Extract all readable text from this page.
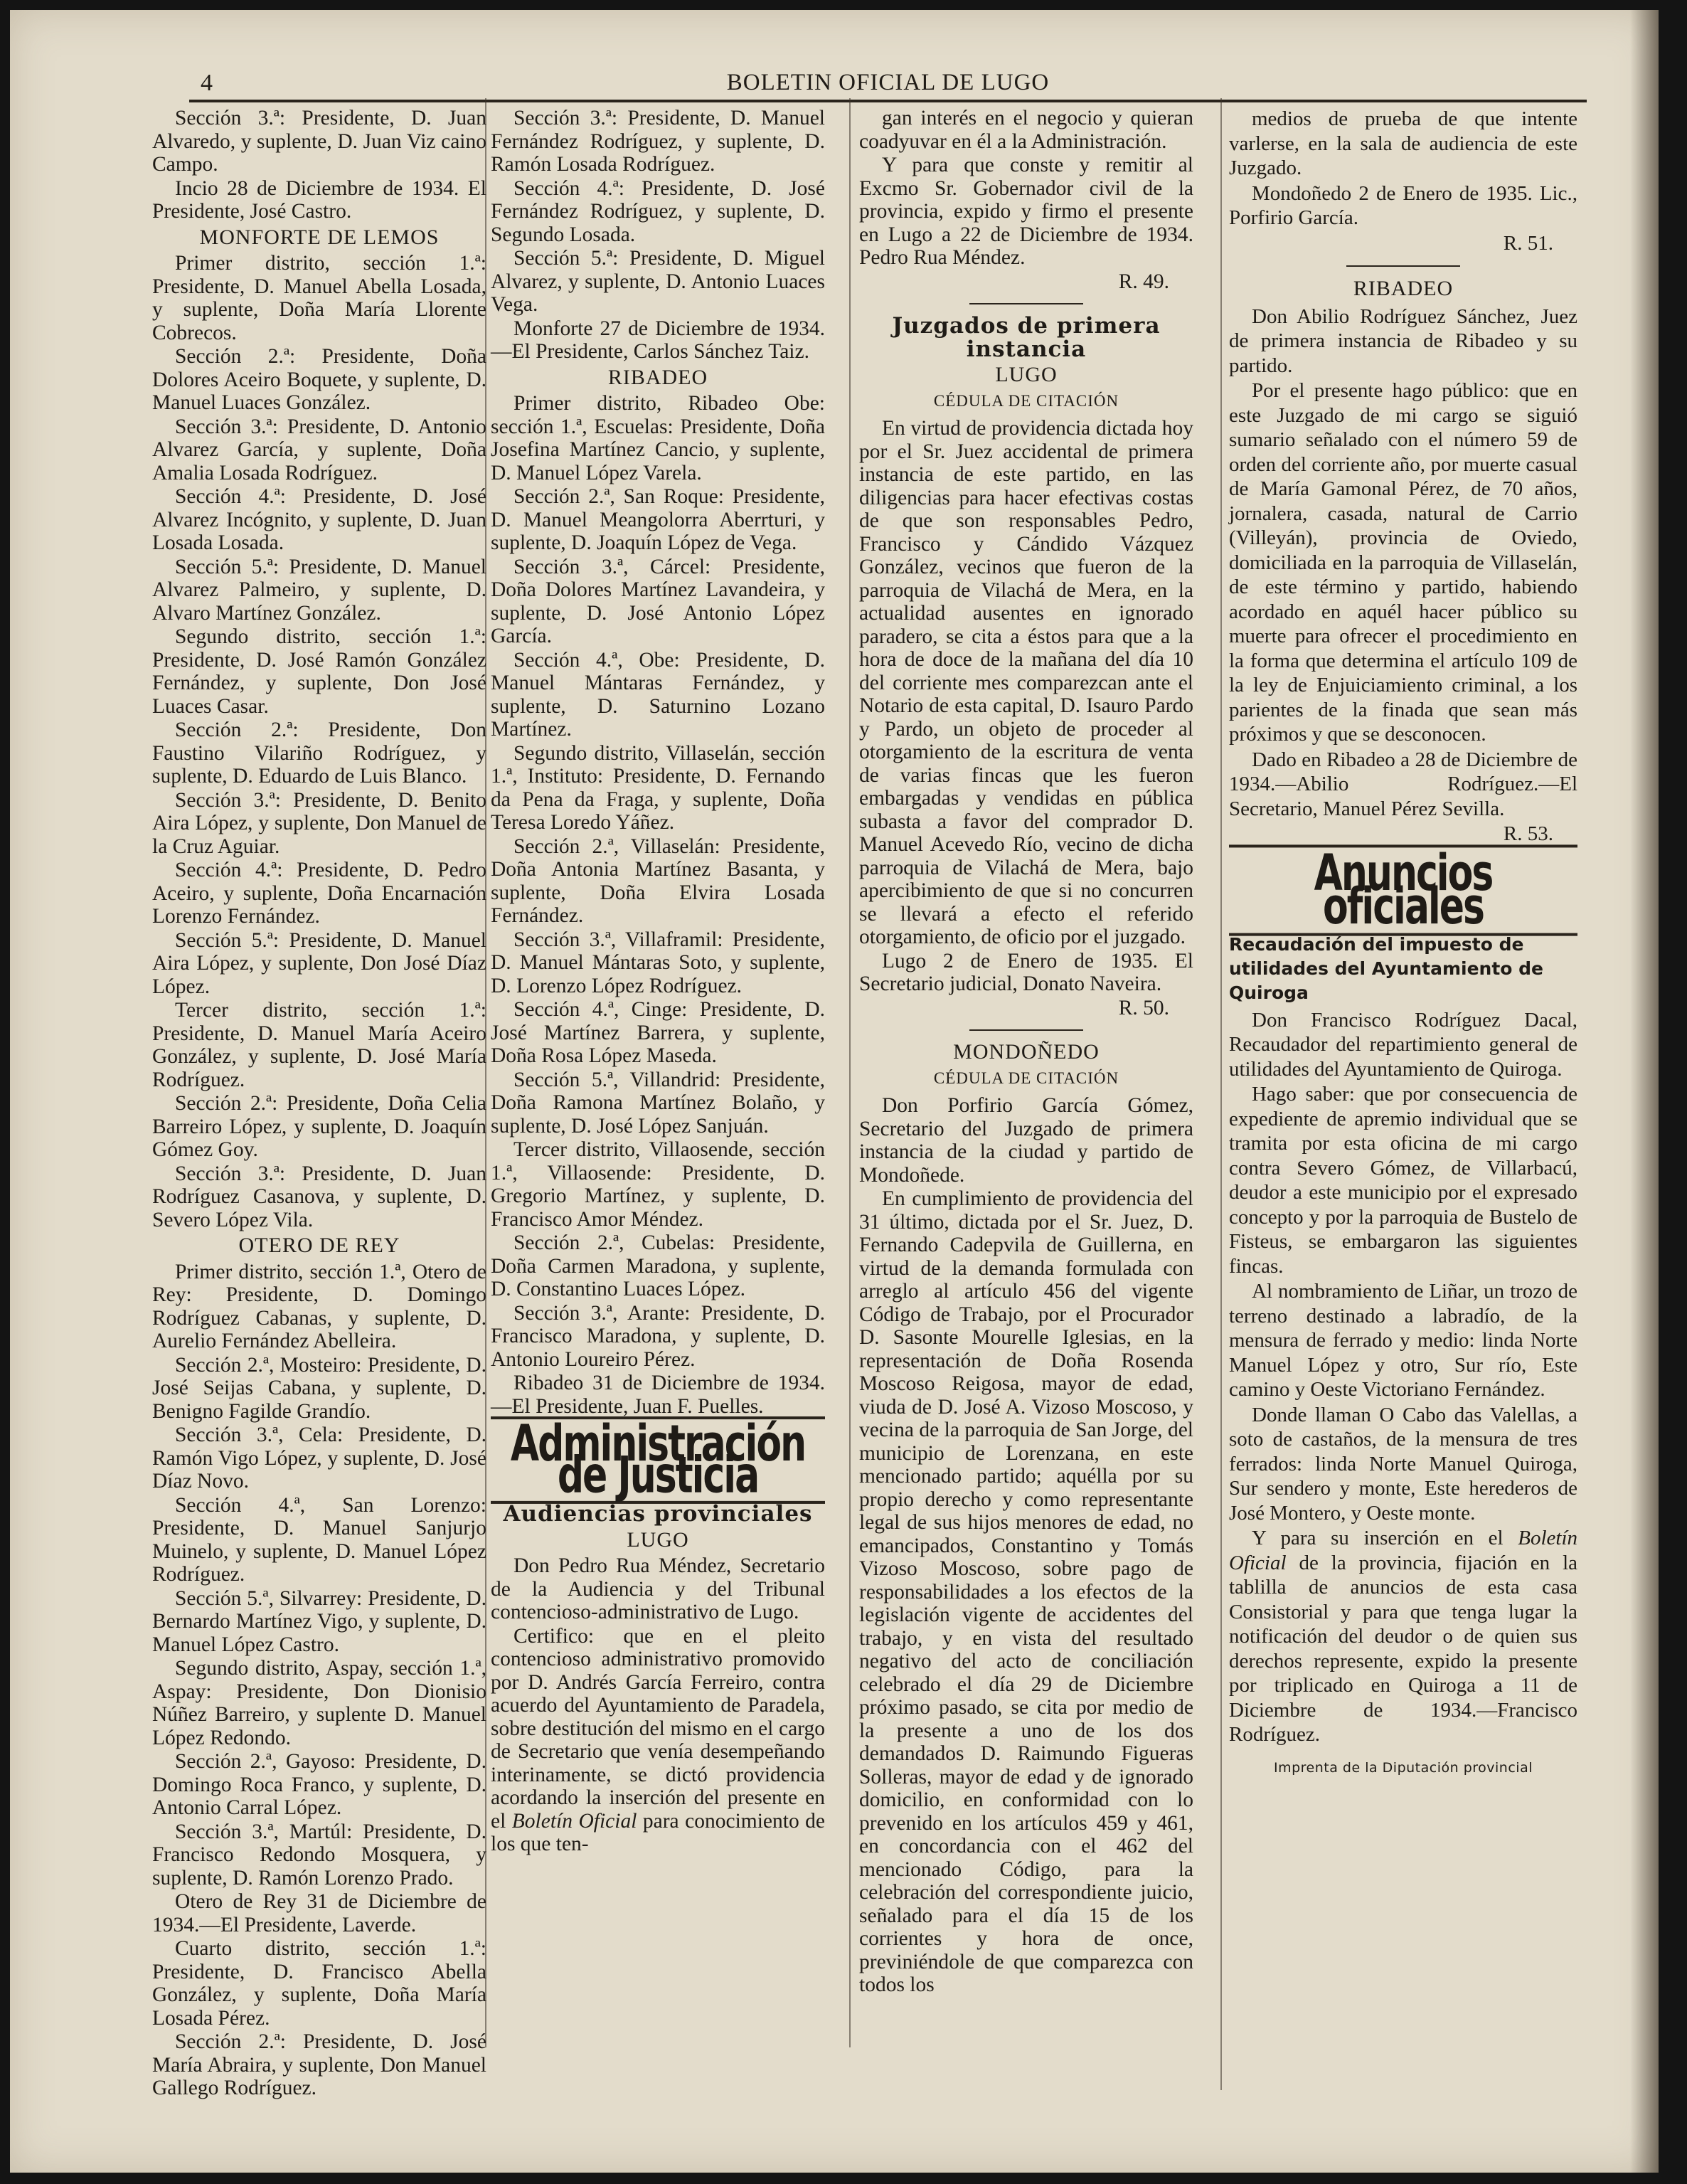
4	BOLETIN OFICIAL DE LUGO

Sección 3.ª: Presidente, D. Juan Alvaredo, y suplente, D. Juan Viz caino Campo.

Incio 28 de Diciembre de 1934. El Presidente, José Castro.

MONFORTE DE LEMOS

Primer distrito, sección 1.ª: Presidente, D. Manuel Abella Losada, y suplente, Doña María Llorente Cobrecos.

Sección 2.ª: Presidente, Doña Dolores Aceiro Boquete, y suplente, D. Manuel Luaces González.

Sección 3.ª: Presidente, D. Antonio Alvarez García, y suplente, Doña Amalia Losada Rodríguez.

Sección 4.ª: Presidente, D. José Alvarez Incógnito, y suplente, D. Juan Losada Losada.

Sección 5.ª: Presidente, D. Manuel Alvarez Palmeiro, y suplente, D. Alvaro Martínez González.

Segundo distrito, sección 1.ª: Presidente, D. José Ramón González Fernández, y suplente, Don José Luaces Casar.

Sección 2.ª: Presidente, Don Faustino Vilariño Rodríguez, y suplente, D. Eduardo de Luis Blanco.

Sección 3.ª: Presidente, D. Benito Aira López, y suplente, Don Manuel de la Cruz Aguiar.

Sección 4.ª: Presidente, D. Pedro Aceiro, y suplente, Doña Encarnación Lorenzo Fernández.

Sección 5.ª: Presidente, D. Manuel Aira López, y suplente, Don José Díaz López.

Tercer distrito, sección 1.ª: Presidente, D. Manuel María Aceiro González, y suplente, D. José María Rodríguez.

Sección 2.ª: Presidente, Doña Celia Barreiro López, y suplente, D. Joaquín Gómez Goy.

Sección 3.ª: Presidente, D. Juan Rodríguez Casanova, y suplente, D. Severo López Vila.

OTERO DE REY

Primer distrito, sección 1.ª, Otero de Rey: Presidente, D. Domingo Rodríguez Cabanas, y suplente, D. Aurelio Fernández Abelleira.

Sección 2.ª, Mosteiro: Presidente, D. José Seijas Cabana, y suplente, D. Benigno Fagilde Grandío.

Sección 3.ª, Cela: Presidente, D. Ramón Vigo López, y suplente, D. José Díaz Novo.

Sección 4.ª, San Lorenzo: Presidente, D. Manuel Sanjurjo Muinelo, y suplente, D. Manuel López Rodríguez.

Sección 5.ª, Silvarrey: Presidente, D. Bernardo Martínez Vigo, y suplente, D. Manuel López Castro.

Segundo distrito, Aspay, sección 1.ª, Aspay: Presidente, Don Dionisio Núñez Barreiro, y suplente D. Manuel López Redondo.

Sección 2.ª, Gayoso: Presidente, D. Domingo Roca Franco, y suplente, D. Antonio Carral López.

Sección 3.ª, Martúl: Presidente, D. Francisco Redondo Mosquera, y suplente, D. Ramón Lorenzo Prado.

Otero de Rey 31 de Diciembre de 1934.—El Presidente, Laverde.

Cuarto distrito, sección 1.ª: Presidente, D. Francisco Abella González, y suplente, Doña María Losada Pérez.

Sección 2.ª: Presidente, D. José María Abraira, y suplente, Don Manuel Gallego Rodríguez.

Sección 3.ª: Presidente, D. Manuel Fernández Rodríguez, y suplente, D. Ramón Losada Rodríguez.

Sección 4.ª: Presidente, D. José Fernández Rodríguez, y suplente, D. Segundo Losada.

Sección 5.ª: Presidente, D. Miguel Alvarez, y suplente, D. Antonio Luaces Vega.

Monforte 27 de Diciembre de 1934.—El Presidente, Carlos Sánchez Taiz.

RIBADEO

Primer distrito, Ribadeo Obe: sección 1.ª, Escuelas: Presidente, Doña Josefina Martínez Cancio, y suplente, D. Manuel López Varela.

Sección 2.ª, San Roque: Presidente, D. Manuel Meangolorra Aberrturi, y suplente, D. Joaquín López de Vega.

Sección 3.ª, Cárcel: Presidente, Doña Dolores Martínez Lavandeira, y suplente, D. José Antonio López García.

Sección 4.ª, Obe: Presidente, D. Manuel Mántaras Fernández, y suplente, D. Saturnino Lozano Martínez.

Segundo distrito, Villaselán, sección 1.ª, Instituto: Presidente, D. Fernando da Pena da Fraga, y suplente, Doña Teresa Loredo Yáñez.

Sección 2.ª, Villaselán: Presidente, Doña Antonia Martínez Basanta, y suplente, Doña Elvira Losada Fernández.

Sección 3.ª, Villaframil: Presidente, D. Manuel Mántaras Soto, y suplente, D. Lorenzo López Rodríguez.

Sección 4.ª, Cinge: Presidente, D. José Martínez Barrera, y suplente, Doña Rosa López Maseda.

Sección 5.ª, Villandrid: Presidente, Doña Ramona Martínez Bolaño, y suplente, D. José López Sanjuán.

Tercer distrito, Villaosende, sección 1.ª, Villaosende: Presidente, D. Gregorio Martínez, y suplente, D. Francisco Amor Méndez.

Sección 2.ª, Cubelas: Presidente, Doña Carmen Maradona, y suplente, D. Constantino Luaces López.

Sección 3.ª, Arante: Presidente, D. Francisco Maradona, y suplente, D. Antonio Loureiro Pérez.

Ribadeo 31 de Diciembre de 1934.—El Presidente, Juan F. Puelles.

Administración de Justicia
Audiencias provinciales
LUGO

Don Pedro Rua Méndez, Secretario de la Audiencia y del Tribunal contencioso-administrativo de Lugo.

Certifico: que en el pleito contencioso administrativo promovido por D. Andrés García Ferreiro, contra acuerdo del Ayuntamiento de Paradela, sobre destitución del mismo en el cargo de Secretario que venía desempeñando interinamente, se dictó providencia acordando la inserción del presente en el Boletín Oficial para conocimiento de los que ten-

gan interés en el negocio y quieran coadyuvar en él a la Administración.

Y para que conste y remitir al Excmo Sr. Gobernador civil de la provincia, expido y firmo el presente en Lugo a 22 de Diciembre de 1934. Pedro Rua Méndez.

R. 49.

Juzgados de primera instancia
LUGO
CÉDULA DE CITACIÓN

En virtud de providencia dictada hoy por el Sr. Juez accidental de primera instancia de este partido, en las diligencias para hacer efectivas costas de que son responsables Pedro, Francisco y Cándido Vázquez González, vecinos que fueron de la parroquia de Vilachá de Mera, en la actualidad ausentes en ignorado paradero, se cita a éstos para que a la hora de doce de la mañana del día 10 del corriente mes comparezcan ante el Notario de esta capital, D. Isauro Pardo y Pardo, un objeto de proceder al otorgamiento de la escritura de venta de varias fincas que les fueron embargadas y vendidas en pública subasta a favor del comprador D. Manuel Acevedo Río, vecino de dicha parroquia de Vilachá de Mera, bajo apercibimiento de que si no concurren se llevará a efecto el referido otorgamiento, de oficio por el juzgado.

Lugo 2 de Enero de 1935. El Secretario judicial, Donato Naveira.

R. 50.

MONDOÑEDO
CÉDULA DE CITACIÓN

Don Porfirio García Gómez, Secretario del Juzgado de primera instancia de la ciudad y partido de Mondoñede.

En cumplimiento de providencia del 31 último, dictada por el Sr. Juez, D. Fernando Cadepvila de Guillerna, en virtud de la demanda formulada con arreglo al artículo 456 del vigente Código de Trabajo, por el Procurador D. Sasonte Mourelle Iglesias, en la representación de Doña Rosenda Moscoso Reigosa, mayor de edad, viuda de D. José A. Vizoso Moscoso, y vecina de la parroquia de San Jorge, del municipio de Lorenzana, en este mencionado partido; aquélla por su propio derecho y como representante legal de sus hijos menores de edad, no emancipados, Constantino y Tomás Vizoso Moscoso, sobre pago de responsabilidades a los efectos de la legislación vigente de accidentes del trabajo, y en vista del resultado negativo del acto de conciliación celebrado el día 29 de Diciembre próximo pasado, se cita por medio de la presente a uno de los dos demandados D. Raimundo Figueras Solleras, mayor de edad y de ignorado domicilio, en conformidad con lo prevenido en los artículos 459 y 461, en concordancia con el 462 del mencionado Código, para la celebración del correspondiente juicio, señalado para el día 15 de los corrientes y hora de once, previniéndole de que comparezca con todos los

medios de prueba de que intente varlerse, en la sala de audiencia de este Juzgado.

Mondoñedo 2 de Enero de 1935. Lic., Porfirio García.

R. 51.

RIBADEO

Don Abilio Rodríguez Sánchez, Juez de primera instancia de Ribadeo y su partido.

Por el presente hago público: que en este Juzgado de mi cargo se siguió sumario señalado con el número 59 de orden del corriente año, por muerte casual de María Gamonal Pérez, de 70 años, jornalera, casada, natural de Carrio (Villeyán), provincia de Oviedo, domiciliada en la parroquia de Villaselán, de este término y partido, habiendo acordado en aquél hacer público su muerte para ofrecer el procedimiento en la forma que determina el artículo 109 de la ley de Enjuiciamiento criminal, a los parientes de la finada que sean más próximos y que se desconocen.

Dado en Ribadeo a 28 de Diciembre de 1934.—Abilio Rodríguez.—El Secretario, Manuel Pérez Sevilla.

R. 53.

Anuncios oficiales
Recaudación del impuesto de utilidades del Ayuntamiento de Quiroga

Don Francisco Rodríguez Dacal, Recaudador del repartimiento general de utilidades del Ayuntamiento de Quiroga.

Hago saber: que por consecuencia de expediente de apremio individual que se tramita por esta oficina de mi cargo contra Severo Gómez, de Villarbacú, deudor a este municipio por el expresado concepto y por la parroquia de Bustelo de Fisteus, se embargaron las siguientes fincas.

Al nombramiento de Liñar, un trozo de terreno destinado a labradío, de la mensura de ferrado y medio: linda Norte Manuel López y otro, Sur río, Este camino y Oeste Victoriano Fernández.

Donde llaman O Cabo das Valellas, a soto de castaños, de la mensura de tres ferrados: linda Norte Manuel Quiroga, Sur sendero y monte, Este herederos de José Montero, y Oeste monte.

Y para su inserción en el Boletín Oficial de la provincia, fijación en la tablilla de anuncios de esta casa Consistorial y para que tenga lugar la notificación del deudor o de quien sus derechos represente, expido la presente por triplicado en Quiroga a 11 de Diciembre de 1934.—Francisco Rodríguez.

Imprenta de la Diputación provincial
